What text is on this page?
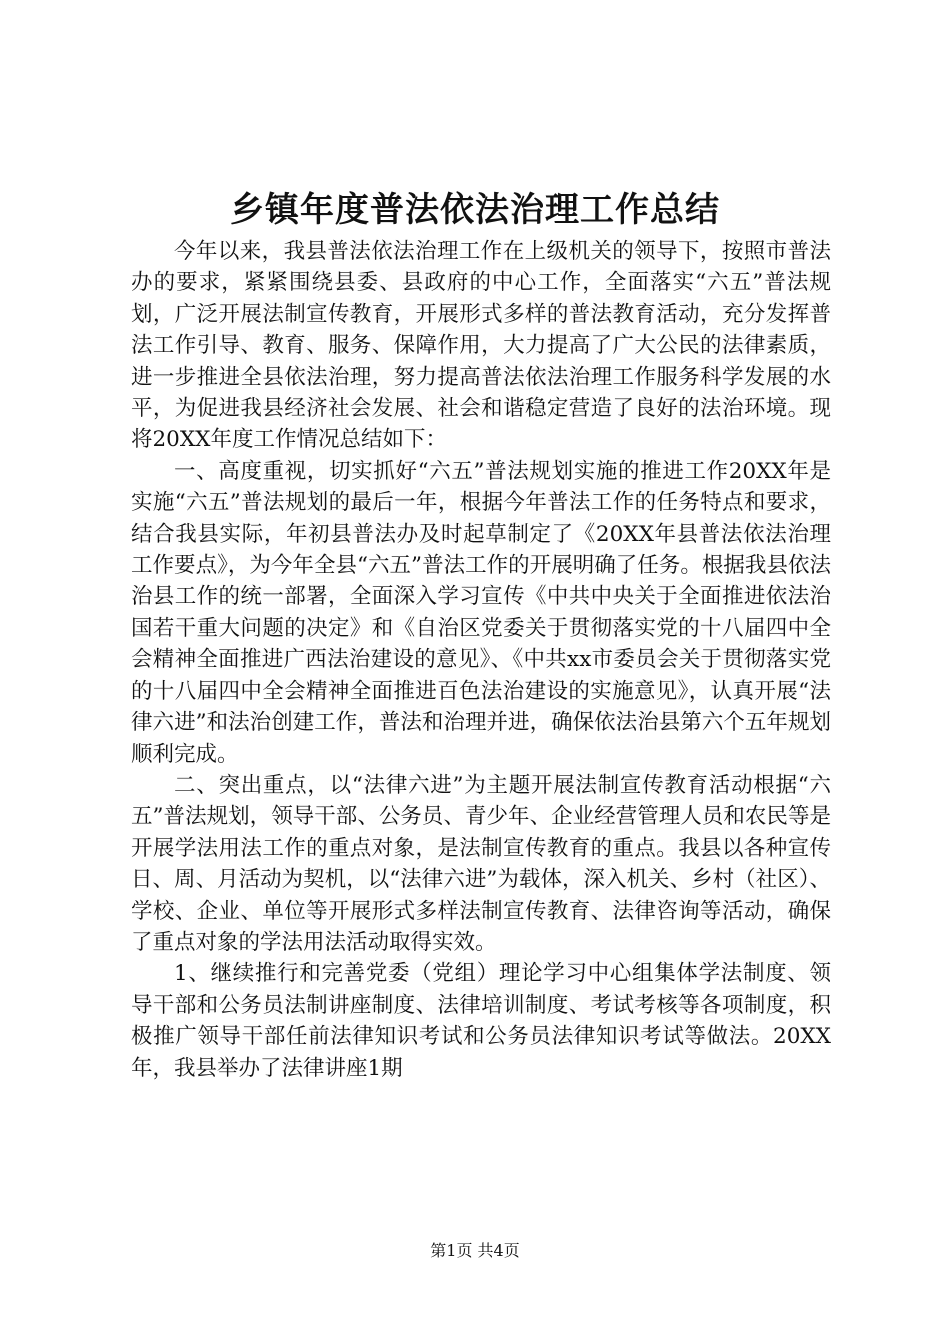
乡镇年度普法依法治理工作总结

今年以来，我县普法依法治理工作在上级机关的领导下，按照市普法办的要求，紧紧围绕县委、县政府的中心工作，全面落实“六五”普法规划，广泛开展法制宣传教育，开展形式多样的普法教育活动，充分发挥普法工作引导、教育、服务、保障作用，大力提高了广大公民的法律素质，进一步推进全县依法治理，努力提高普法依法治理工作服务科学发展的水平，为促进我县经济社会发展、社会和谐稳定营造了良好的法治环境。现将20XX年度工作情况总结如下：

一、高度重视，切实抓好“六五”普法规划实施的推进工作20XX年是实施“六五”普法规划的最后一年，根据今年普法工作的任务特点和要求，结合我县实际，年初县普法办及时起草制定了《20XX年县普法依法治理工作要点》，为今年全县“六五”普法工作的开展明确了任务。根据我县依法治县工作的统一部署，全面深入学习宣传《中共中央关于全面推进依法治国若干重大问题的决定》和《自治区党委关于贯彻落实党的十八届四中全会精神全面推进广西法治建设的意见》、《中共xx市委员会关于贯彻落实党的十八届四中全会精神全面推进百色法治建设的实施意见》，认真开展“法律六进”和法治创建工作，普法和治理并进，确保依法治县第六个五年规划顺利完成。

二、突出重点，以“法律六进”为主题开展法制宣传教育活动根据“六五”普法规划，领导干部、公务员、青少年、企业经营管理人员和农民等是开展学法用法工作的重点对象，是法制宣传教育的重点。我县以各种宣传日、周、月活动为契机，以“法律六进”为载体，深入机关、乡村（社区）、学校、企业、单位等开展形式多样法制宣传教育、法律咨询等活动，确保了重点对象的学法用法活动取得实效。

1、继续推行和完善党委（党组）理论学习中心组集体学法制度、领导干部和公务员法制讲座制度、法律培训制度、考试考核等各项制度，积极推广领导干部任前法律知识考试和公务员法律知识考试等做法。20XX年，我县举办了法律讲座1期

第1页 共4页
